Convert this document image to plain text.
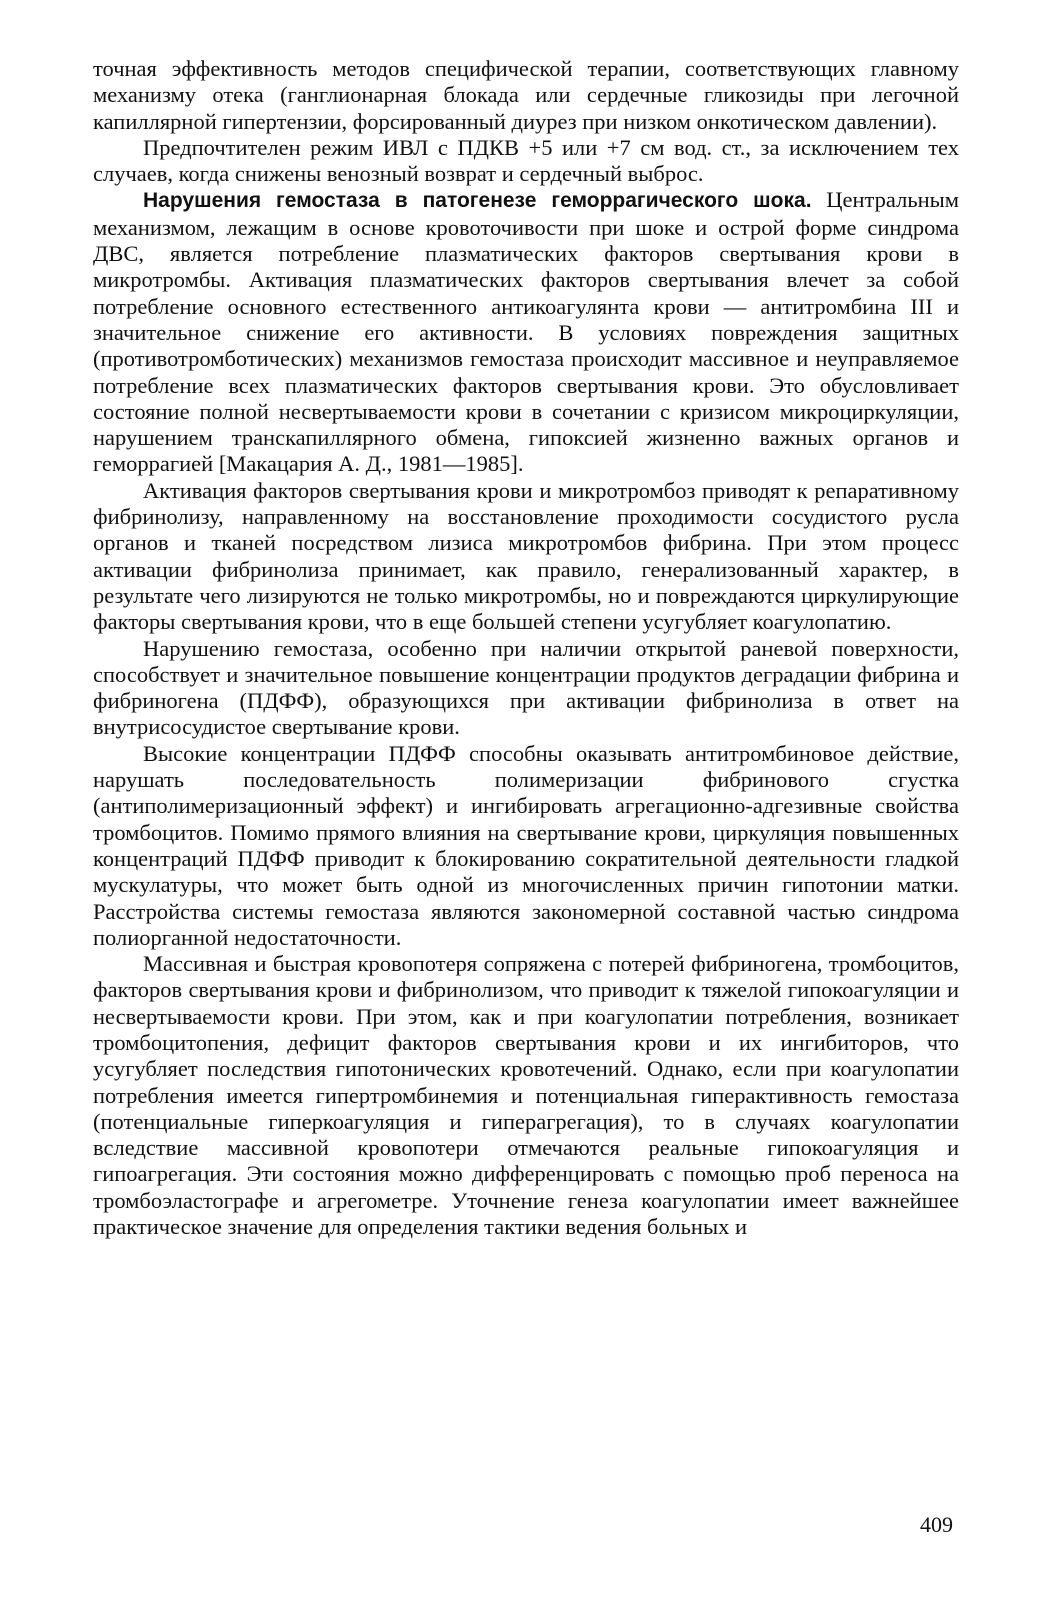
точная эффективность методов специфической терапии, соответствующих главному механизму отека (ганглионарная блокада или сердечные гликозиды при легочной капиллярной гипертензии, форсированный диурез при низком онкотическом давлении).

Предпочтителен режим ИВЛ с ПДКВ +5 или +7 см вод. ст., за исключением тех случаев, когда снижены венозный возврат и сердечный выброс.

Нарушения гемостаза в патогенезе геморрагического шока. Центральным механизмом, лежащим в основе кровоточивости при шоке и острой форме синдрома ДВС, является потребление плазматических факторов свертывания крови в микротромбы. Активация плазматических факторов свертывания влечет за собой потребление основного естественного антикоагулянта крови — антитромбина III и значительное снижение его активности. В условиях повреждения защитных (противотромботических) механизмов гемостаза происходит массивное и неуправляемое потребление всех плазматических факторов свертывания крови. Это обусловливает состояние полной несвертываемости крови в сочетании с кризисом микроциркуляции, нарушением транскапиллярного обмена, гипоксией жизненно важных органов и геморрагией [Макацария А. Д., 1981—1985].

Активация факторов свертывания крови и микротромбоз приводят к репаративному фибринолизу, направленному на восстановление проходимости сосудистого русла органов и тканей посредством лизиса микротромбов фибрина. При этом процесс активации фибринолиза принимает, как правило, генерализованный характер, в результате чего лизируются не только микротромбы, но и повреждаются циркулирующие факторы свертывания крови, что в еще большей степени усугубляет коагулопатию.

Нарушению гемостаза, особенно при наличии открытой раневой поверхности, способствует и значительное повышение концентрации продуктов деградации фибрина и фибриногена (ПДФФ), образующихся при активации фибринолиза в ответ на внутрисосудистое свертывание крови.

Высокие концентрации ПДФФ способны оказывать антитромбиновое действие, нарушать последовательность полимеризации фибринового сгустка (антиполимеризационный эффект) и ингибировать агрегационно-адгезивные свойства тромбоцитов. Помимо прямого влияния на свертывание крови, циркуляция повышенных концентраций ПДФФ приводит к блокированию сократительной деятельности гладкой мускулатуры, что может быть одной из многочисленных причин гипотонии матки. Расстройства системы гемостаза являются закономерной составной частью синдрома полиорганной недостаточности.

Массивная и быстрая кровопотеря сопряжена с потерей фибриногена, тромбоцитов, факторов свертывания крови и фибринолизом, что приводит к тяжелой гипокоагуляции и несвертываемости крови. При этом, как и при коагулопатии потребления, возникает тромбоцитопения, дефицит факторов свертывания крови и их ингибиторов, что усугубляет последствия гипотонических кровотечений. Однако, если при коагулопатии потребления имеется гипертромбинемия и потенциальная гиперактивность гемостаза (потенциальные гиперкоагуляция и гиперагрегация), то в случаях коагулопатии вследствие массивной кровопотери отмечаются реальные гипокоагуляция и гипоагрегация. Эти состояния можно дифференцировать с помощью проб переноса на тромбоэластографе и агрегометре. Уточнение генеза коагулопатии имеет важнейшее практическое значение для определения тактики ведения больных и

409
